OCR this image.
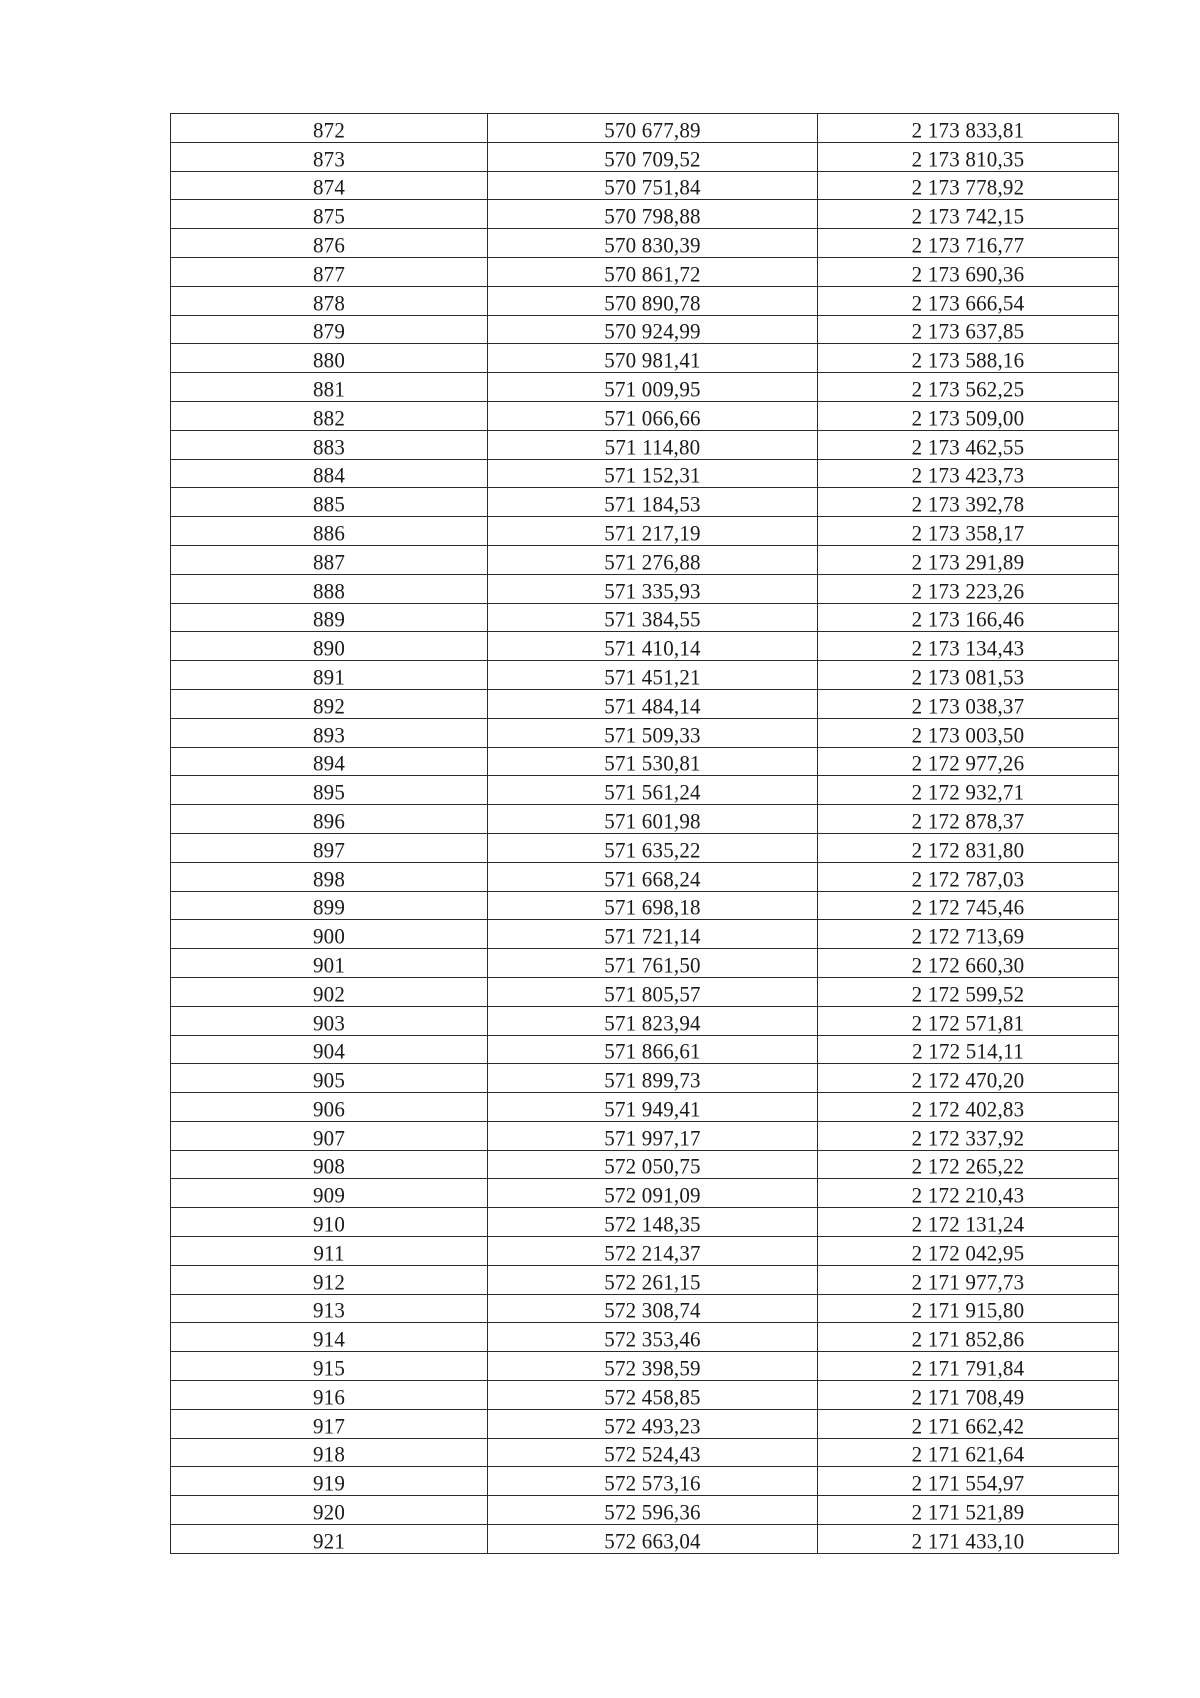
872	570 677,89	2 173 833,81
873	570 709,52	2 173 810,35
874	570 751,84	2 173 778,92
875	570 798,88	2 173 742,15
876	570 830,39	2 173 716,77
877	570 861,72	2 173 690,36
878	570 890,78	2 173 666,54
879	570 924,99	2 173 637,85
880	570 981,41	2 173 588,16
881	571 009,95	2 173 562,25
882	571 066,66	2 173 509,00
883	571 114,80	2 173 462,55
884	571 152,31	2 173 423,73
885	571 184,53	2 173 392,78
886	571 217,19	2 173 358,17
887	571 276,88	2 173 291,89
888	571 335,93	2 173 223,26
889	571 384,55	2 173 166,46
890	571 410,14	2 173 134,43
891	571 451,21	2 173 081,53
892	571 484,14	2 173 038,37
893	571 509,33	2 173 003,50
894	571 530,81	2 172 977,26
895	571 561,24	2 172 932,71
896	571 601,98	2 172 878,37
897	571 635,22	2 172 831,80
898	571 668,24	2 172 787,03
899	571 698,18	2 172 745,46
900	571 721,14	2 172 713,69
901	571 761,50	2 172 660,30
902	571 805,57	2 172 599,52
903	571 823,94	2 172 571,81
904	571 866,61	2 172 514,11
905	571 899,73	2 172 470,20
906	571 949,41	2 172 402,83
907	571 997,17	2 172 337,92
908	572 050,75	2 172 265,22
909	572 091,09	2 172 210,43
910	572 148,35	2 172 131,24
911	572 214,37	2 172 042,95
912	572 261,15	2 171 977,73
913	572 308,74	2 171 915,80
914	572 353,46	2 171 852,86
915	572 398,59	2 171 791,84
916	572 458,85	2 171 708,49
917	572 493,23	2 171 662,42
918	572 524,43	2 171 621,64
919	572 573,16	2 171 554,97
920	572 596,36	2 171 521,89
921	572 663,04	2 171 433,10
